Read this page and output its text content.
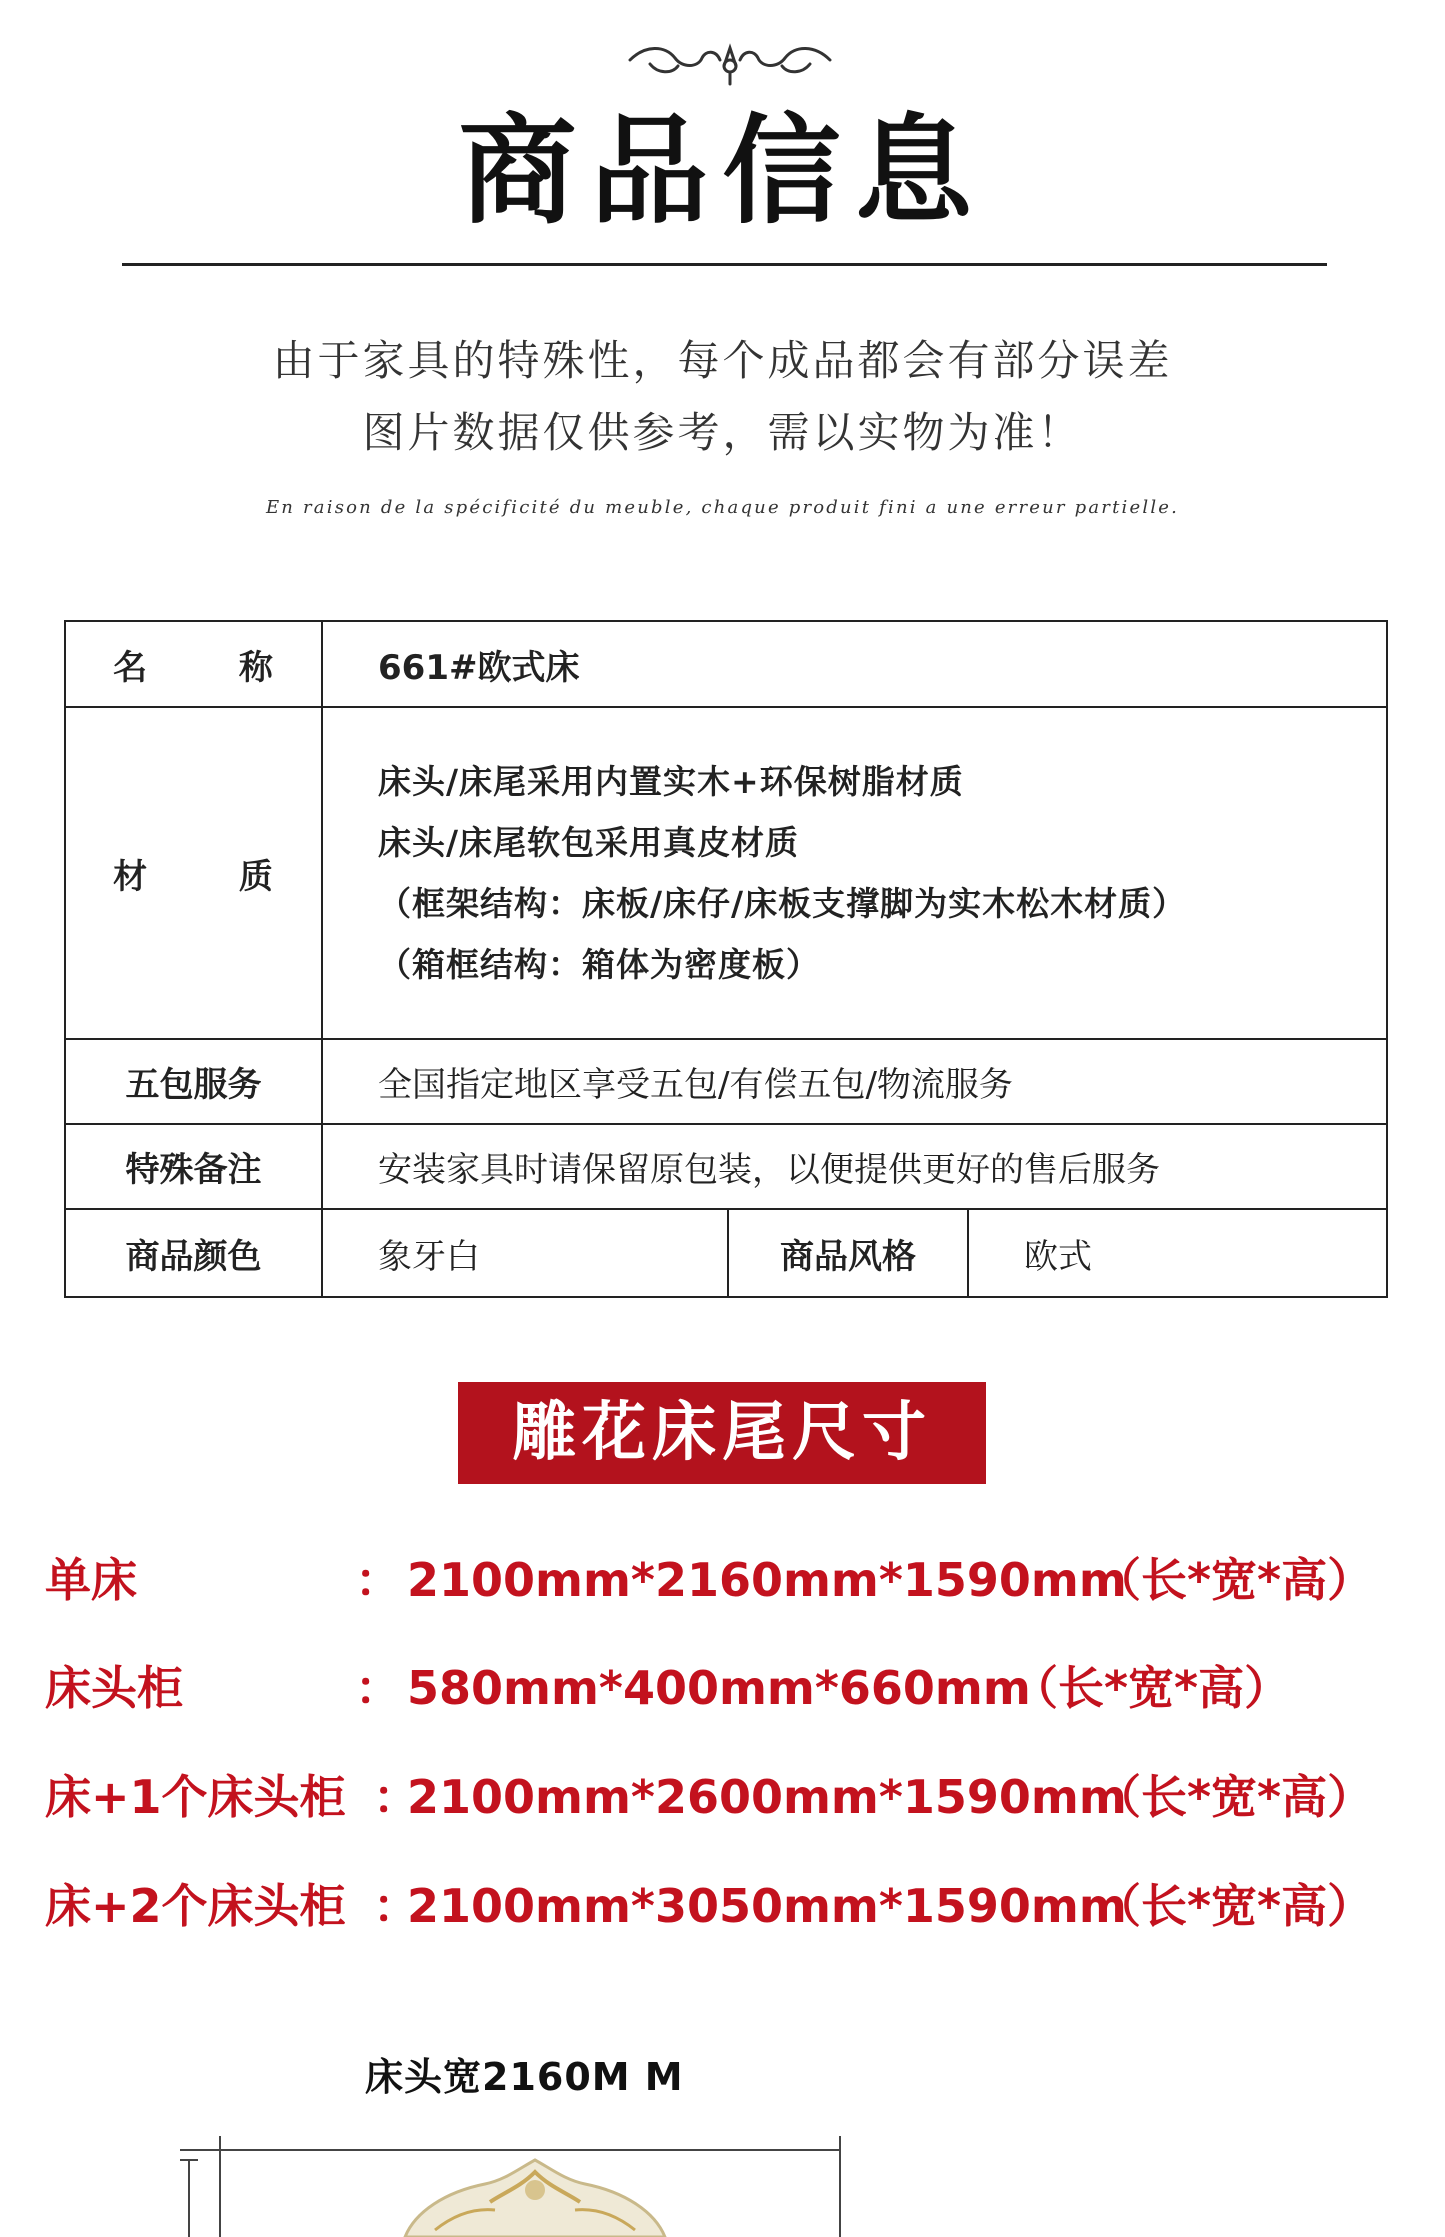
商品信息
由于家具的特殊性，每个成品都会有部分误差
图片数据仅供参考，需以实物为准！
En raison de la spécificité du meuble, chaque produit fini a une erreur partielle.
名 称	661#欧式床		
材 质	床头/床尾采用内置实木+环保树脂材质
床头/床尾软包采用真皮材质
（框架结构：床板/床仔/床板支撑脚为实木松木材质）
（箱框结构：箱体为密度板）		

五包服务	全国指定地区享受五包/有偿五包/物流服务		
特殊备注	安装家具时请保留原包装，以便提供更好的售后服务		
商品颜色	象牙白	商品风格	欧式
雕花床尾尺寸
单床	： 2100mm*2160mm*1590mm
（长*宽*高）
床头柜	： 580mm*400mm*660mm
（长*宽*高）
床+1个床头柜 ：
2100mm*2600mm*1590mm
（长*宽*高）
床+2个床头柜 ：
2100mm*3050mm*1590mm
（长*宽*高）
床头宽2160M M
